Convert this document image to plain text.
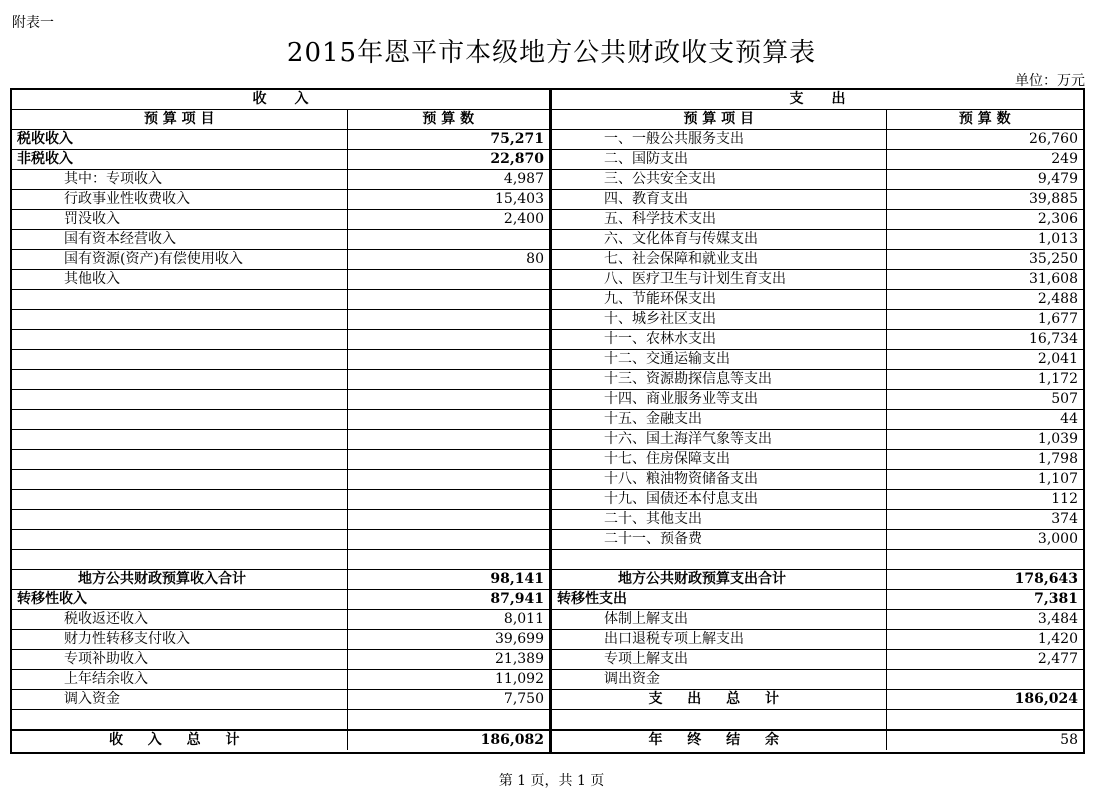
附表一
2015年恩平市本级地方公共财政收支预算表
单位：万元
收　　入	
预 算 项 目	预 算 数
税收收入	75,271
非税收入	22,870
其中：专项收入	4,987
行政事业性收费收入	15,403
罚没收入	2,400
国有资本经营收入	
国有资源(资产)有偿使用收入	80
其他收入	

地方公共财政预算收入合计	98,141
转移性收入	87,941
税收返还收入	8,011
财力性转移支付收入	39,699
专项补助收入	21,389
上年结余收入	11,092
调入资金	7,750

收 入 总 计	186,082
支　　出	
预 算 项 目	预 算 数
一、一般公共服务支出	26,760
二、国防支出	249
三、公共安全支出	9,479
四、教育支出	39,885
五、科学技术支出	2,306
六、文化体育与传媒支出	1,013
七、社会保障和就业支出	35,250
八、医疗卫生与计划生育支出	31,608
九、节能环保支出	2,488
十、城乡社区支出	1,677
十一、农林水支出	16,734
十二、交通运输支出	2,041
十三、资源勘探信息等支出	1,172
十四、商业服务业等支出	507
十五、金融支出	44
十六、国土海洋气象等支出	1,039
十七、住房保障支出	1,798
十八、粮油物资储备支出	1,107
十九、国债还本付息支出	112
二十、其他支出	374
二十一、预备费	3,000

地方公共财政预算支出合计	178,643
转移性支出	7,381
体制上解支出	3,484
出口退税专项上解支出	1,420
专项上解支出	2,477
调出资金	
支 出 总 计	186,024

年 终 结 余	58
第 1 页，共 1 页
